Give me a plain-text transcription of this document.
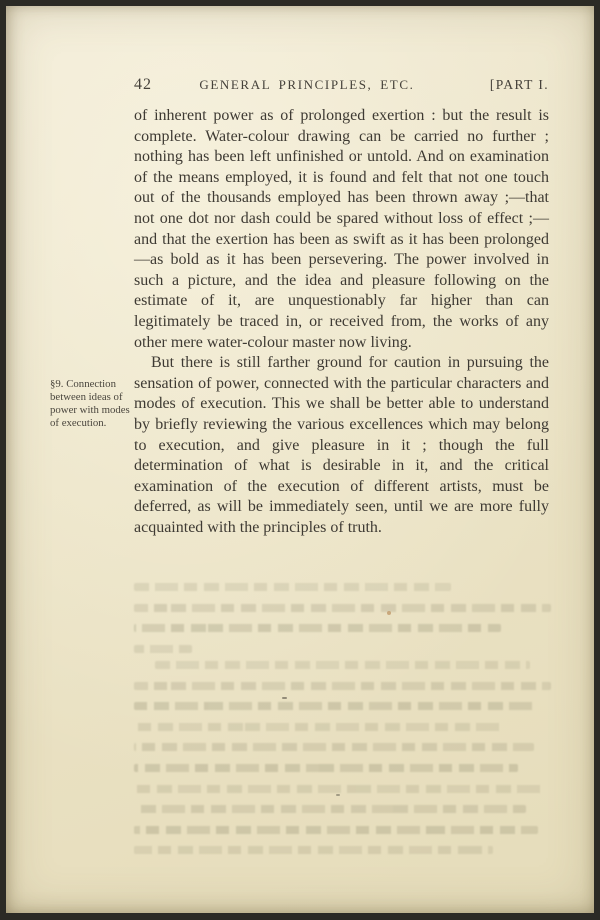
42	GENERAL PRINCIPLES, ETC.	[PART I.
§9. Connection between ideas of power with modes of execution.

of inherent power as of prolonged exertion : but the result is complete. Water-colour drawing can be carried no further ; nothing has been left unfinished or untold. And on examination of the means employed, it is found and felt that not one touch out of the thousands employed has been thrown away ;—that not one dot nor dash could be spared without loss of effect ;—and that the exertion has been as swift as it has been prolonged—as bold as it has been persevering. The power involved in such a picture, and the idea and pleasure following on the estimate of it, are unquestionably far higher than can legitimately be traced in, or received from, the works of any other mere water-colour master now living.

But there is still farther ground for caution in pursuing the sensation of power, connected with the particular characters and modes of execution. This we shall be better able to understand by briefly reviewing the various excellences which may belong to execution, and give pleasure in it ; though the full determination of what is desirable in it, and the critical examination of the execution of different artists, must be deferred, as will be immediately seen, until we are more fully acquainted with the principles of truth.
